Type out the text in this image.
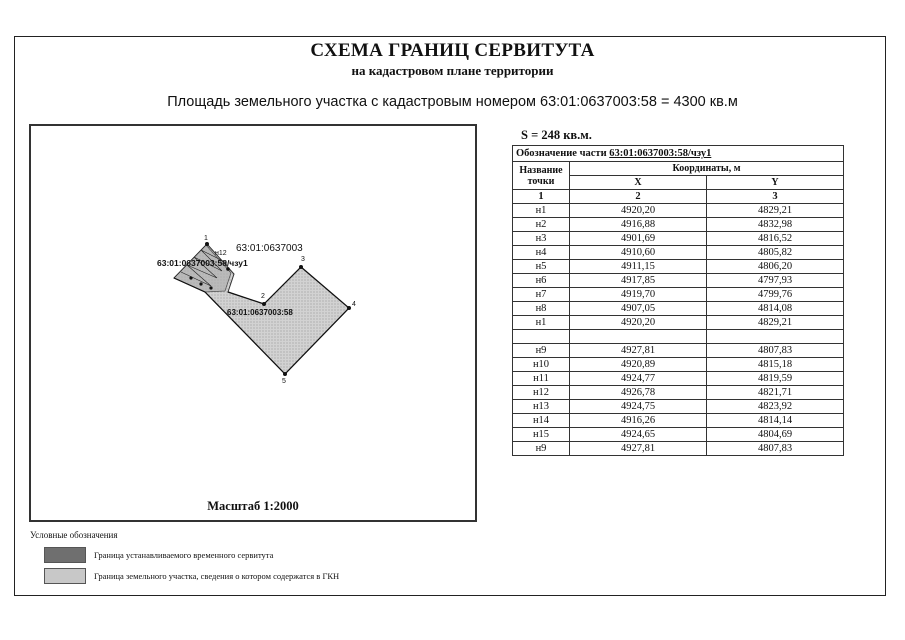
СХЕМА ГРАНИЦ СЕРВИТУТА
на кадастровом плане территории
Площадь земельного участка с кадастровым номером 63:01:0637003:58 = 4300 кв.м
1
2
3
4
5
н12 63:01:0637003
63:01:0637003:58/чзу1
63:01:0637003:58
Масштаб 1:2000
S = 248 кв.м.
Обозначение части 63:01:0637003:58/чзу1		
Название точки	Координаты, м	
	X	Y
1	2	3
н1	4920,20	4829,21
н2	4916,88	4832,98
н3	4901,69	4816,52
н4	4910,60	4805,82
н5	4911,15	4806,20
н6	4917,85	4797,93
н7	4919,70	4799,76
н8	4907,05	4814,08
н1	4920,20	4829,21

н9	4927,81	4807,83
н10	4920,89	4815,18
н11	4924,77	4819,59
н12	4926,78	4821,71
н13	4924,75	4823,92
н14	4916,26	4814,14
н15	4924,65	4804,69
н9	4927,81	4807,83
Условные обозначения
Граница устанавливаемого временного сервитута
Граница земельного участка, сведения о котором содержатся в ГКН
